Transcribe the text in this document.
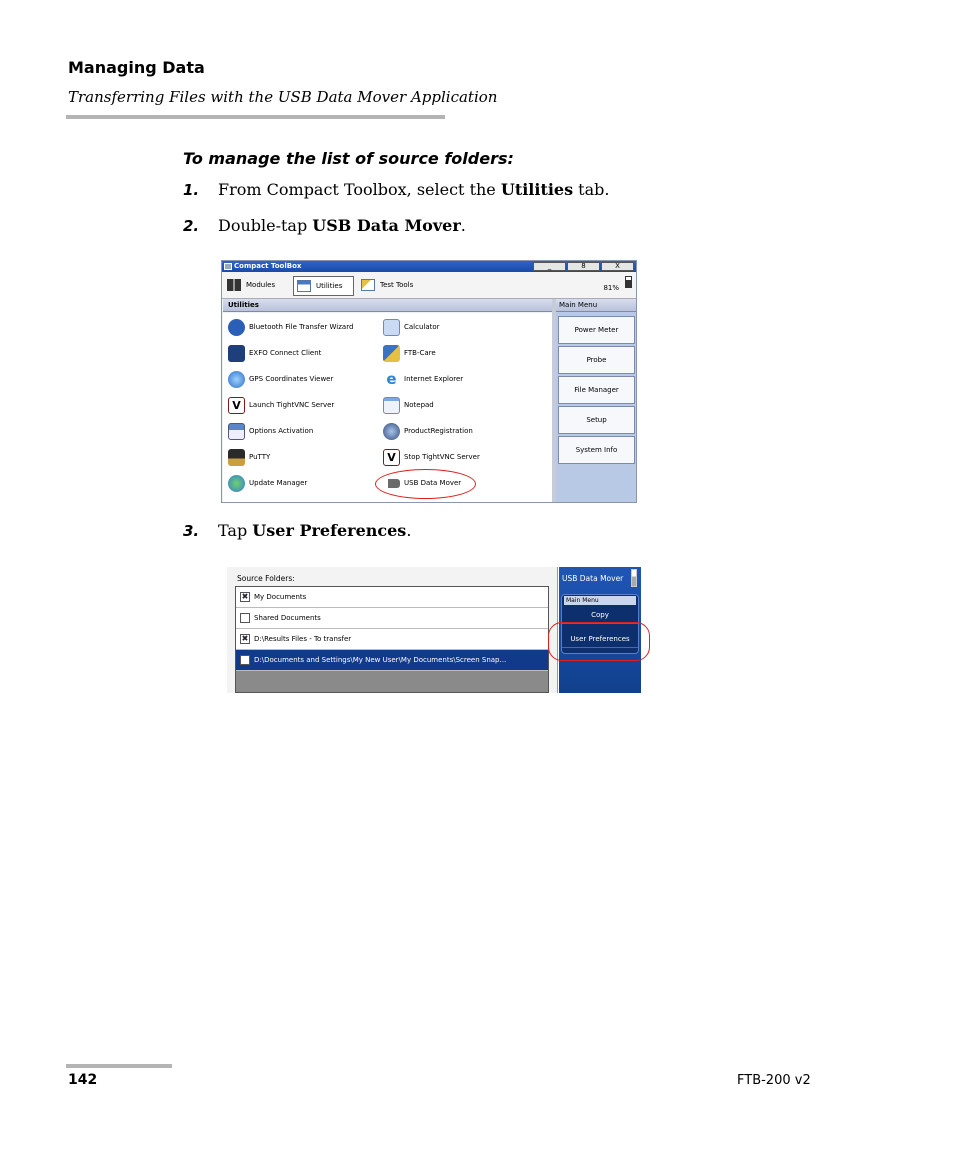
Managing Data
Transferring Files with the USB Data Mover Application
To manage the list of source folders:
1. From Compact Toolbox, select the Utilities tab.
2. Double-tap USB Data Mover.
Compact ToolBox	_	8	X
Modules	Utilities	Test Tools	81%
Utilities
Bluetooth File Transfer Wizard
EXFO Connect Client
GPS Coordinates Viewer
V	Launch TightVNC Server
Options Activation
PuTTY
Update Manager
Calculator
FTB-Care
e	Internet Explorer
Notepad
ProductRegistration
V	Stop TightVNC Server
USB Data Mover
Main Menu
Power Meter
Probe
File Manager
Setup
System Info
3. Tap User Preferences.
Source Folders:
✖ My Documents
Shared Documents
✖ D:\Results Files - To transfer
D:\Documents and Settings\My New User\My Documents\Screen Snap...
USB Data Mover
Main Menu
Copy
User Preferences
142	FTB-200 v2
